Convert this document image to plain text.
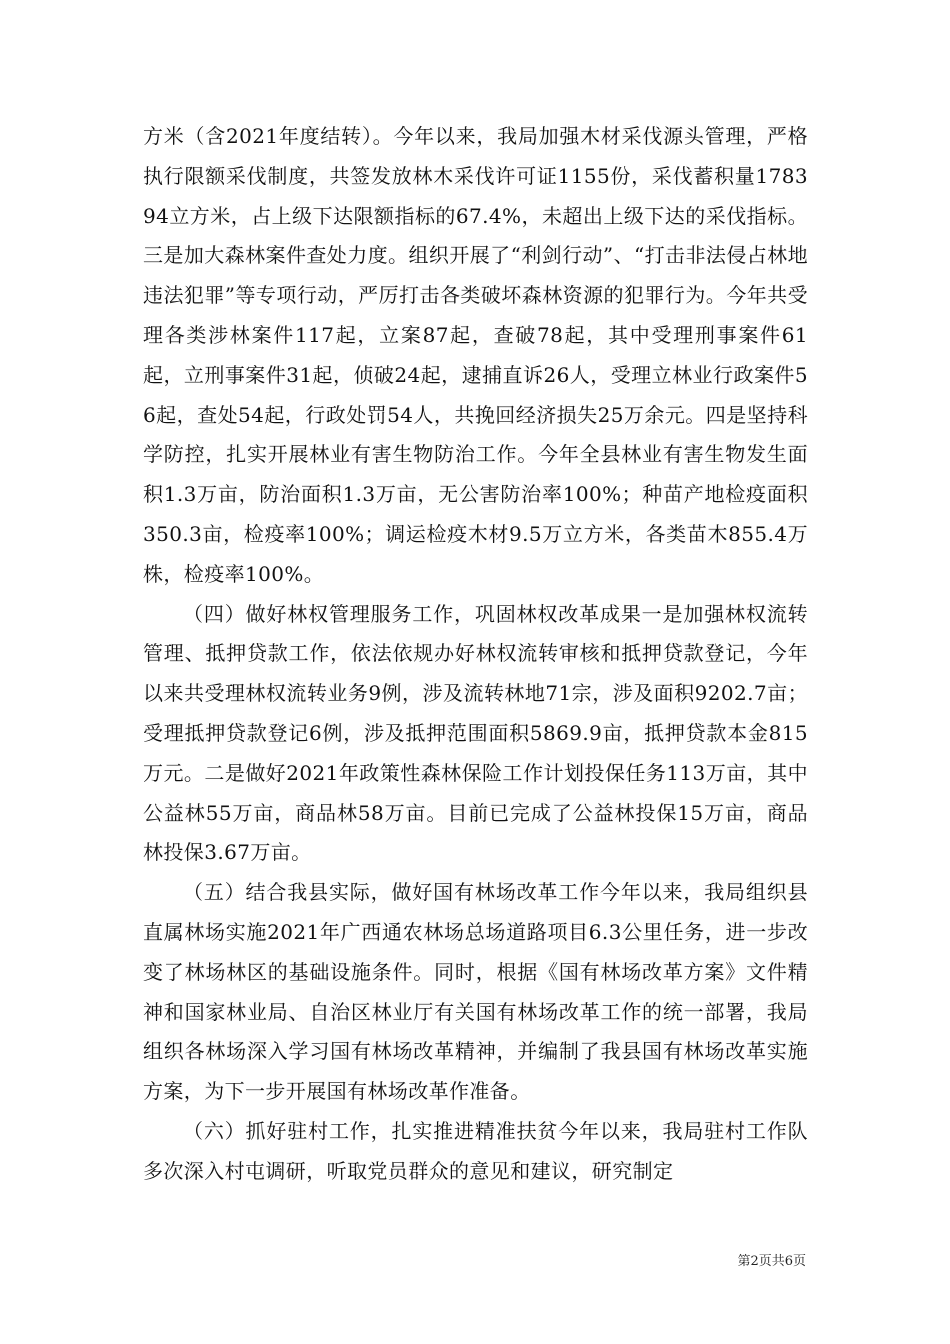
方米（含2021年度结转）。今年以来，我局加强木材采伐源头管理，严格执行限额采伐制度，共签发放林木采伐许可证1155份，采伐蓄积量178394立方米，占上级下达限额指标的67.4%，未超出上级下达的采伐指标。三是加大森林案件查处力度。组织开展了“利剑行动”、“打击非法侵占林地违法犯罪”等专项行动，严厉打击各类破坏森林资源的犯罪行为。今年共受理各类涉林案件117起，立案87起，查破78起，其中受理刑事案件61起，立刑事案件31起，侦破24起，逮捕直诉26人，受理立林业行政案件56起，查处54起，行政处罚54人，共挽回经济损失25万余元。四是坚持科学防控，扎实开展林业有害生物防治工作。今年全县林业有害生物发生面积1.3万亩，防治面积1.3万亩，无公害防治率100%；种苗产地检疫面积350.3亩，检疫率100%；调运检疫木材9.5万立方米，各类苗木855.4万株，检疫率100%。

（四）做好林权管理服务工作，巩固林权改革成果一是加强林权流转管理、抵押贷款工作，依法依规办好林权流转审核和抵押贷款登记，今年以来共受理林权流转业务9例，涉及流转林地71宗，涉及面积9202.7亩；受理抵押贷款登记6例，涉及抵押范围面积5869.9亩，抵押贷款本金815万元。二是做好2021年政策性森林保险工作计划投保任务113万亩，其中公益林55万亩，商品林58万亩。目前已完成了公益林投保15万亩，商品林投保3.67万亩。

（五）结合我县实际，做好国有林场改革工作今年以来，我局组织县直属林场实施2021年广西通农林场总场道路项目6.3公里任务，进一步改变了林场林区的基础设施条件。同时，根据《国有林场改革方案》文件精神和国家林业局、自治区林业厅有关国有林场改革工作的统一部署，我局组织各林场深入学习国有林场改革精神，并编制了我县国有林场改革实施方案，为下一步开展国有林场改革作准备。

（六）抓好驻村工作，扎实推进精准扶贫今年以来，我局驻村工作队多次深入村屯调研，听取党员群众的意见和建议，研究制定

第2页共6页
